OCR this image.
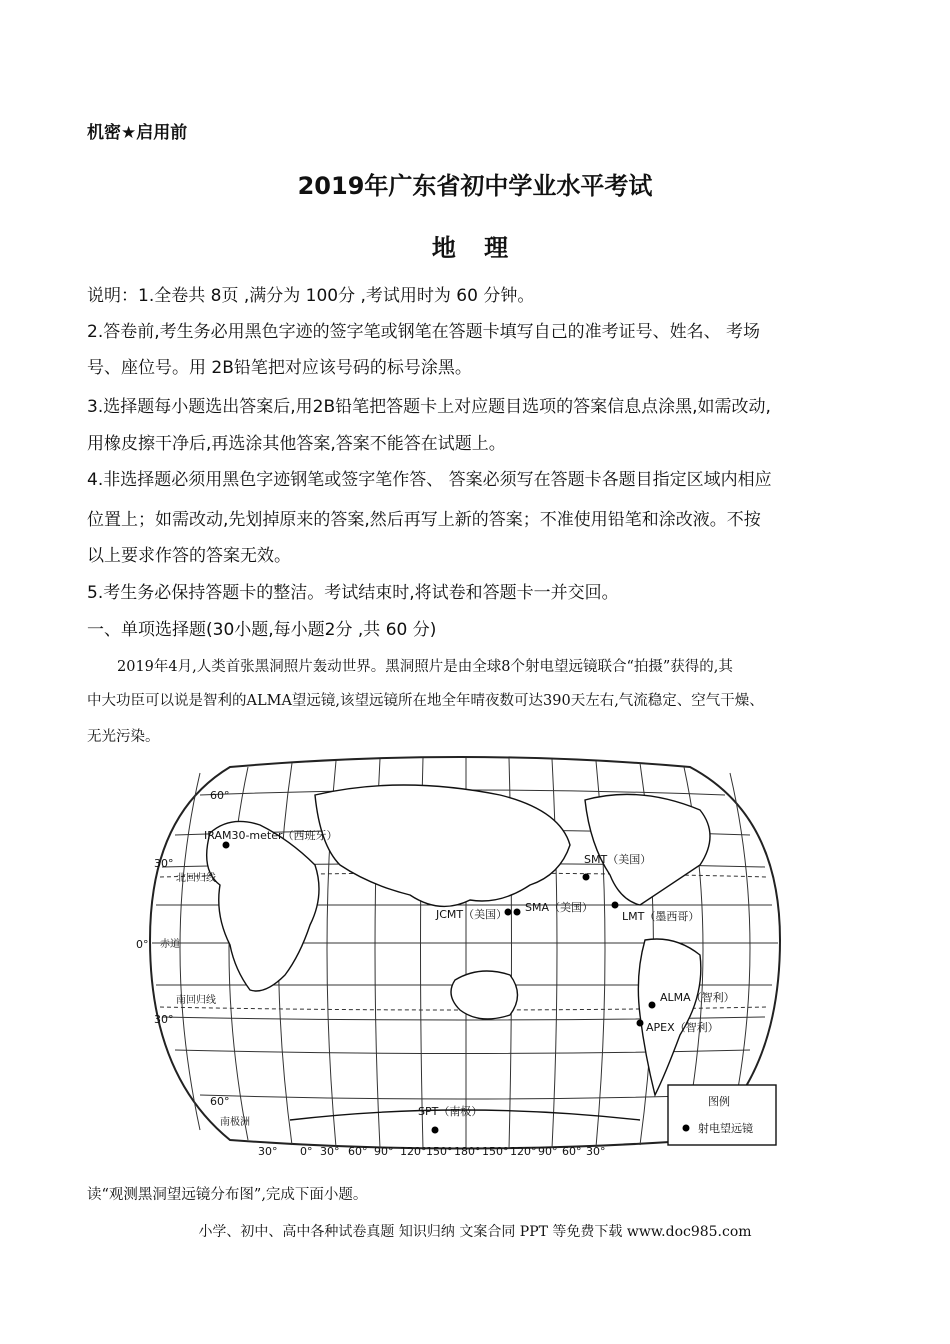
机密★启用前
2019年广东省初中学业水平考试
地 理
说明：1.全卷共 8页 ,满分为 100分 ,考试用时为 60 分钟。
2.答卷前,考生务必用黑色字迹的签字笔或钢笔在答题卡填写自己的准考证号、姓名、 考场
号、座位号。用 2B铅笔把对应该号码的标号涂黑。
3.选择题每小题选出答案后,用2B铅笔把答题卡上对应题目选项的答案信息点涂黑,如需改动,
用橡皮擦干净后,再选涂其他答案,答案不能答在试题上。
4.非选择题必须用黑色字迹钢笔或签字笔作答、 答案必须写在答题卡各题目指定区域内相应
位置上；如需改动,先划掉原来的答案,然后再写上新的答案；不准使用铅笔和涂改液。不按
以上要求作答的答案无效。
5.考生务必保持答题卡的整洁。考试结束时,将试卷和答题卡一并交回。
一、单项选择题(30小题,每小题2分 ,共 60 分)
2019年4月,人类首张黑洞照片轰动世界。黑洞照片是由全球8个射电望远镜联合“拍摄”获得的,其
中大功臣可以说是智利的ALMA望远镜,该望远镜所在地全年晴夜数可达390天左右,气流稳定、空气干燥、
无光污染。
60°
30°
0°
30°
60°
北回归线
赤道
南回归线
南极洲
30° 0° 30° 60° 90° 120° 150° 180° 150° 120° 90° 60° 30°
IRAM30-meter（西班牙）
SMT（美国）
JCMT（美国）
SMA（美国）
LMT（墨西哥）
ALMA（智利）
APEX（智利）
SPT（南极）
图例
射电望远镜
读“观测黑洞望远镜分布图”,完成下面小题。
小学、初中、高中各种试卷真题 知识归纳 文案合同 PPT 等免费下载 www.doc985.com
